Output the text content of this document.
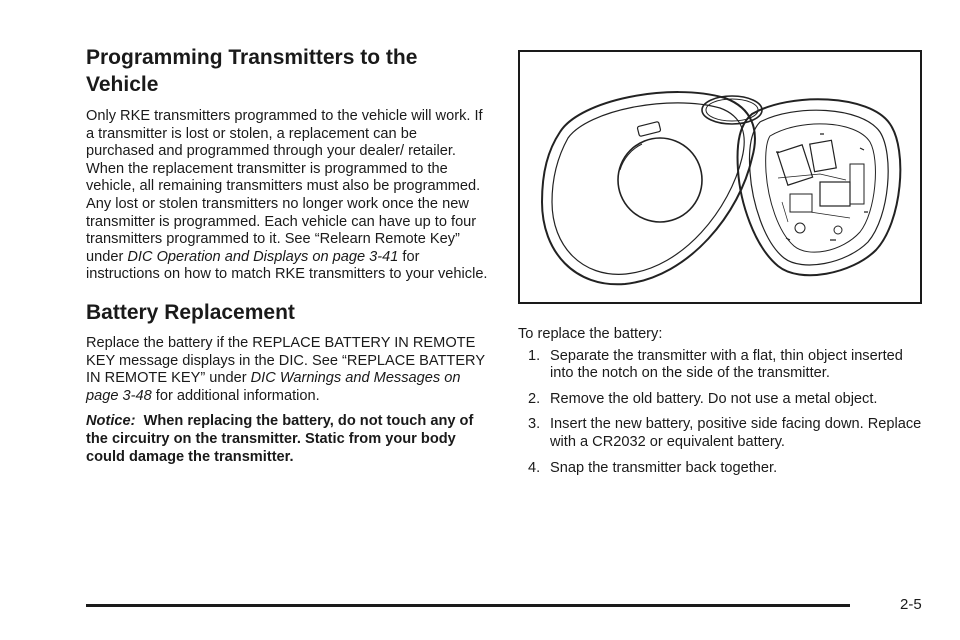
Programming Transmitters to the
Vehicle

Only RKE transmitters programmed to the vehicle will work. If a transmitter is lost or stolen, a replacement can be purchased and programmed through your dealer/ retailer. When the replacement transmitter is programmed to the vehicle, all remaining transmitters must also be programmed. Any lost or stolen transmitters no longer work once the new transmitter is programmed. Each vehicle can have up to four transmitters programmed to it. See “Relearn Remote Key” under DIC Operation and Displays on page 3-41 for instructions on how to match RKE transmitters to your vehicle.

Battery Replacement

Replace the battery if the REPLACE BATTERY IN REMOTE KEY message displays in the DIC. See “REPLACE BATTERY IN REMOTE KEY” under DIC Warnings and Messages on page 3-48 for additional information.

Notice: When replacing the battery, do not touch any of the circuitry on the transmitter. Static from your body could damage the transmitter.

To replace the battery:

1. Separate the transmitter with a flat, thin object inserted into the notch on the side of the transmitter.
2. Remove the old battery. Do not use a metal object.
3. Insert the new battery, positive side facing down. Replace with a CR2032 or equivalent battery.
4. Snap the transmitter back together.
2-5
